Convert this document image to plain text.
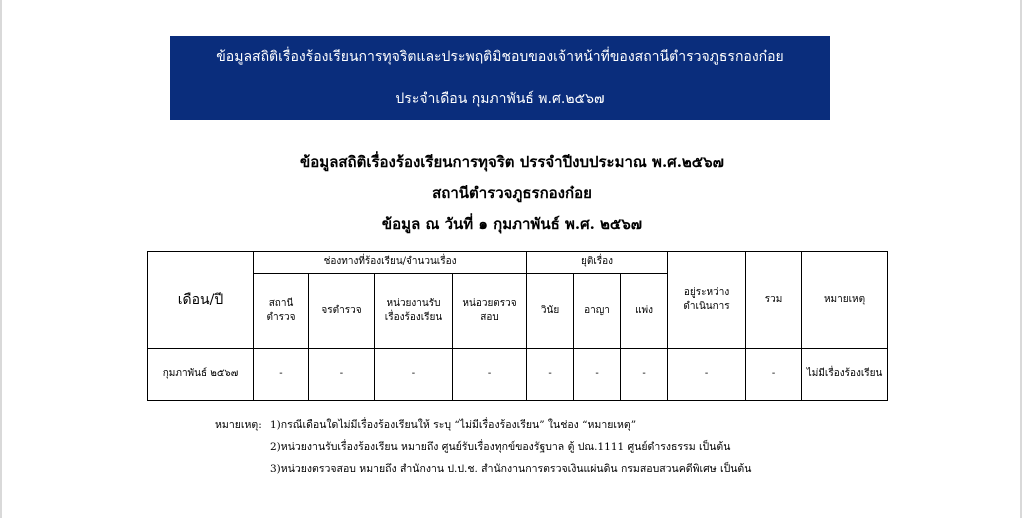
ข้อมูลสถิติเรื่องร้องเรียนการทุจริตและประพฤติมิชอบของเจ้าหน้าที่ของสถานีตำรวจภูธรกองก๋อย
ประจำเดือน กุมภาพันธ์ พ.ศ.๒๕๖๗
ข้อมูลสถิติเรื่องร้องเรียนการทุจริต ปรรจำปีงบประมาณ พ.ศ.๒๕๖๗
สถานีตำรวจภูธรกองก๋อย
ข้อมูล ณ วันที่ ๑ กุมภาพันธ์ พ.ศ. ๒๕๖๗
เดือน/ปี	ช่องทางที่ร้องเรียน/จำนวนเรื่อง				ยุติเรื่อง			อยู่ระหว่างดำเนินการ	รวม	หมายเหตุ
	สถานีตำรวจ	จรตำรวจ	หน่วยงานรับเรื่องร้องเรียน	หน่อวยตรวจสอบ	วินัย	อาญา	แพ่ง			
กุมภาพันธ์ ๒๕๖๗	-	-	-	-	-	-	-	-	-	ไม่มีเรื่องร้องเรียน
หมายเหตุ: 1)กรณีเดือนใดไม่มีเรื่องร้องเรียนให้ ระบุ “ไม่มีเรื่องร้องเรียน” ในช่อง “หมายเหตุ”
2)หน่วยงานรับเรื่องร้องเรียน หมายถึง ศูนย์รับเรื่องทุกข์ของรัฐบาล ตู้ ปณ.1111 ศูนย์ดำรงธรรม เป็นต้น
3)หน่วยงตรวจสอบ หมายถึง สำนักงาน ป.ป.ช. สำนักงานการตรวจเงินแผ่นดิน กรมสอบสวนคดีพิเศษ เป็นต้น
